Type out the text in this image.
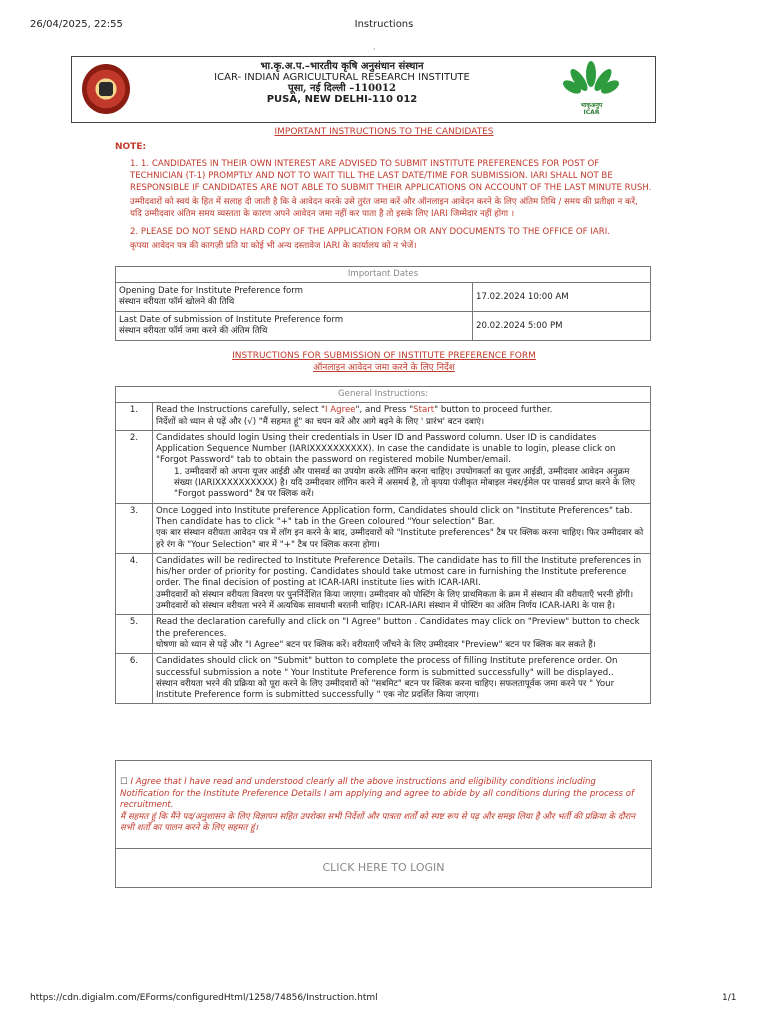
26/04/2025, 22:55	Instructions
·
भा.कृ.अ.प.–भारतीय कृषि अनुसंधान संस्थान
ICAR- INDIAN AGRICULTURAL RESEARCH INSTITUTE
पूसा, नई दिल्ली –110012
PUSA, NEW DELHI-110 012
भाकृअनुप
ICAR
IMPORTANT INSTRUCTIONS TO THE CANDIDATES
NOTE:

1. 1. CANDIDATES IN THEIR OWN INTEREST ARE ADVISED TO SUBMIT INSTITUTE PREFERENCES FOR POST OF TECHNICIAN (T-1) PROMPTLY AND NOT TO WAIT TILL THE LAST DATE/TIME FOR SUBMISSION. IARI SHALL NOT BE RESPONSIBLE IF CANDIDATES ARE NOT ABLE TO SUBMIT THEIR APPLICATIONS ON ACCOUNT OF THE LAST MINUTE RUSH.

उम्मीदवारों को स्वयं के हित में सलाह दी जाती है कि वे आवेदन करके उसे तुरंत जमा करें और ऑनलाइन आवेदन करने के लिए अंतिम तिथि / समय की प्रतीक्षा न करें, यदि उम्मीदवार अंतिम समय व्यस्तता के कारण अपने आवेदन जमा नहीं कर पाता है तो इसके लिए IARI जिम्मेदार नहीं होगा ।

2. PLEASE DO NOT SEND HARD COPY OF THE APPLICATION FORM OR ANY DOCUMENTS TO THE OFFICE OF IARI.

कृपया आवेदन पत्र की कागज़ी प्रति या कोई भी अन्य दस्तावेज IARI के कार्यालय को न भेजें।

Important Dates	

Opening Date for Institute Preference form
संस्थान वरीयता फॉर्म खोलने की तिथि	17.02.2024 10:00 AM

Last Date of submission of Institute Preference form
संस्थान वरीयता फॉर्म जमा करने की अंतिम तिथि	20.02.2024 5:00 PM
INSTRUCTIONS FOR SUBMISSION OF INSTITUTE PREFERENCE FORM
ऑनलाइन आवेदन जमा करने के लिए निर्देश
General Instructions:	
1.	Read the Instructions carefully, select "I Agree", and Press "Start" button to proceed further.
निर्देशों को ध्यान से पढ़ें और (√) "मैं सहमत हूं" का चयन करें और आगे बढ़ने के लिए ' प्रारंभ' बटन दबाएं।

2.	Candidates should login Using their credentials in User ID and Password column. User ID is candidates Application Sequence Number (IARIXXXXXXXXXX). In case the candidate is unable to login, please click on "Forgot Password" tab to obtain the password on registered mobile Number/email.
1. उम्मीदवारों को अपना यूजर आईडी और पासवर्ड का उपयोग करके लॉगिन करना चाहिए। उपयोगकर्ता का यूजर आईडी, उम्मीदवार आवेदन अनुक्रम संख्या (IARIXXXXXXXXXX) है। यदि उम्मीदवार लॉगिन करने में असमर्थ है, तो कृपया पंजीकृत मोबाइल नंबर/ईमेल पर पासवर्ड प्राप्त करने के लिए "Forgot password" टैब पर क्लिक करें।

3.	Once Logged into Institute preference Application form, Candidates should click on "Institute Preferences" tab. Then candidate has to click "+" tab in the Green coloured "Your selection" Bar.
एक बार संस्थान वरीयता आवेदन पत्र में लॉग इन करने के बाद, उम्मीदवारों को "Institute preferences" टैब पर क्लिक करना चाहिए। फिर उम्मीदवार को हरे रंग के "Your Selection" बार में "+" टैब पर क्लिक करना होगा।

4.	Candidates will be redirected to Institute Preference Details. The candidate has to fill the Institute preferences in his/her order of priority for posting. Candidates should take utmost care in furnishing the Institute preference order. The final decision of posting at ICAR-IARI institute lies with ICAR-IARI.
उम्मीदवारों को संस्थान वरीयता विवरण पर पुनर्निर्देशित किया जाएगा। उम्मीदवार को पोस्टिंग के लिए प्राथमिकता के क्रम में संस्थान की वरीयताएँ भरनी होंगी। उम्मीदवारों को संस्थान वरीयता भरने में अत्यधिक सावधानी बरतनी चाहिए। ICAR-IARI संस्थान में पोस्टिंग का अंतिम निर्णय ICAR-IARI के पास है।

5.	Read the declaration carefully and click on "I Agree" button . Candidates may click on "Preview" button to check the preferences.
घोषणा को ध्यान से पढ़ें और "I Agree" बटन पर क्लिक करें। वरीयताएँ जाँचने के लिए उम्मीदवार "Preview" बटन पर क्लिक कर सकते हैं।

6.	Candidates should click on "Submit" button to complete the process of filling Institute preference order. On successful submission a note " Your Institute Preference form is submitted successfully" will be displayed..
संस्थान वरीयता भरने की प्रक्रिया को पूरा करने के लिए उम्मीदवारों को "सबमिट" बटन पर क्लिक करना चाहिए। सफलतापूर्वक जमा करने पर " Your Institute Preference form is submitted successfully " एक नोट प्रदर्शित किया जाएगा।
☐ I Agree that I have read and understood clearly all the above instructions and eligibility conditions including Notification for the Institute Preference Details I am applying and agree to abide by all conditions during the process of recruitment.
मैं सहमत हूं कि मैंने पद/अनुशासन के लिए विज्ञापन सहित उपरोक्त सभी निर्देशों और पात्रता शर्तों को स्पष्ट रूप से पढ़ और समझ लिया है और भर्ती की प्रक्रिया के दौरान सभी शर्तों का पालन करने के लिए सहमत हूं।
CLICK HERE TO LOGIN
https://cdn.digialm.com/EForms/configuredHtml/1258/74856/Instruction.html	1/1
